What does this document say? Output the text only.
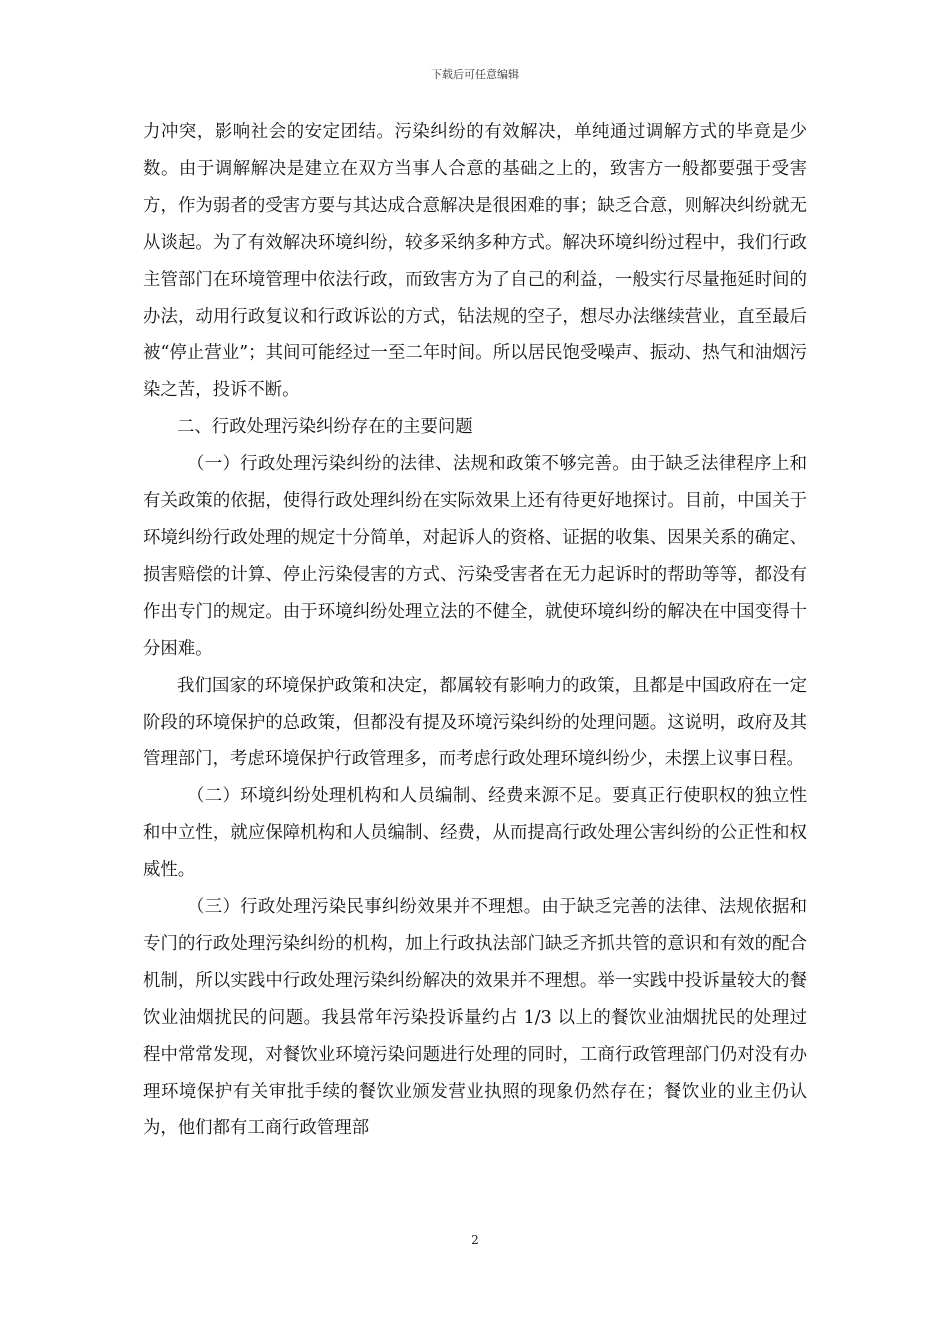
下载后可任意编辑

力冲突，影响社会的安定团结。污染纠纷的有效解决，单纯通过调解方式的毕竟是少数。由于调解解决是建立在双方当事人合意的基础之上的，致害方一般都要强于受害方，作为弱者的受害方要与其达成合意解决是很困难的事；缺乏合意，则解决纠纷就无从谈起。为了有效解决环境纠纷，较多采纳多种方式。解决环境纠纷过程中，我们行政主管部门在环境管理中依法行政，而致害方为了自己的利益，一般实行尽量拖延时间的办法，动用行政复议和行政诉讼的方式，钻法规的空子，想尽办法继续营业，直至最后被“停止营业”；其间可能经过一至二年时间。所以居民饱受噪声、振动、热气和油烟污染之苦，投诉不断。

二、行政处理污染纠纷存在的主要问题

（一）行政处理污染纠纷的法律、法规和政策不够完善。由于缺乏法律程序上和有关政策的依据，使得行政处理纠纷在实际效果上还有待更好地探讨。目前，中国关于环境纠纷行政处理的规定十分简单，对起诉人的资格、证据的收集、因果关系的确定、损害赔偿的计算、停止污染侵害的方式、污染受害者在无力起诉时的帮助等等，都没有作出专门的规定。由于环境纠纷处理立法的不健全，就使环境纠纷的解决在中国变得十分困难。

我们国家的环境保护政策和决定，都属较有影响力的政策，且都是中国政府在一定阶段的环境保护的总政策，但都没有提及环境污染纠纷的处理问题。这说明，政府及其管理部门，考虑环境保护行政管理多，而考虑行政处理环境纠纷少，未摆上议事日程。

（二）环境纠纷处理机构和人员编制、经费来源不足。要真正行使职权的独立性和中立性，就应保障机构和人员编制、经费，从而提高行政处理公害纠纷的公正性和权威性。

（三）行政处理污染民事纠纷效果并不理想。由于缺乏完善的法律、法规依据和专门的行政处理污染纠纷的机构，加上行政执法部门缺乏齐抓共管的意识和有效的配合机制，所以实践中行政处理污染纠纷解决的效果并不理想。举一实践中投诉量较大的餐饮业油烟扰民的问题。我县常年污染投诉量约占 1/3 以上的餐饮业油烟扰民的处理过程中常常发现，对餐饮业环境污染问题进行处理的同时，工商行政管理部门仍对没有办理环境保护有关审批手续的餐饮业颁发营业执照的现象仍然存在；餐饮业的业主仍认为，他们都有工商行政管理部

2
